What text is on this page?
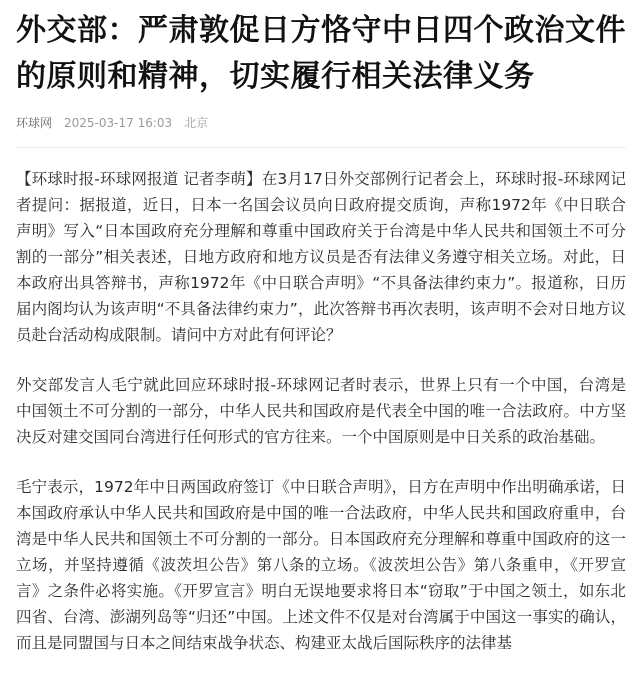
外交部：严肃敦促日方恪守中日四个政治文件的原则和精神，切实履行相关法律义务
环球网 2025-03-17 16:03 北京

【环球时报-环球网报道 记者李萌】在3月17日外交部例行记者会上，环球时报-环球网记者提问：据报道，近日，日本一名国会议员向日政府提交质询，声称1972年《中日联合声明》写入“日本国政府充分理解和尊重中国政府关于台湾是中华人民共和国领土不可分割的一部分”相关表述，日地方政府和地方议员是否有法律义务遵守相关立场。对此，日本政府出具答辩书，声称1972年《中日联合声明》“不具备法律约束力”。报道称，日历届内阁均认为该声明“不具备法律约束力”，此次答辩书再次表明，该声明不会对日地方议员赴台活动构成限制。请问中方对此有何评论？

外交部发言人毛宁就此回应环球时报-环球网记者时表示，世界上只有一个中国，台湾是中国领土不可分割的一部分，中华人民共和国政府是代表全中国的唯一合法政府。中方坚决反对建交国同台湾进行任何形式的官方往来。一个中国原则是中日关系的政治基础。

毛宁表示，1972年中日两国政府签订《中日联合声明》，日方在声明中作出明确承诺，日本国政府承认中华人民共和国政府是中国的唯一合法政府，中华人民共和国政府重申，台湾是中华人民共和国领土不可分割的一部分。日本国政府充分理解和尊重中国政府的这一立场，并坚持遵循《波茨坦公告》第八条的立场。《波茨坦公告》第八条重申，《开罗宣言》之条件必将实施。《开罗宣言》明白无误地要求将日本“窃取”于中国之领土，如东北四省、台湾、澎湖列岛等“归还”中国。上述文件不仅是对台湾属于中国这一事实的确认，而且是同盟国与日本之间结束战争状态、构建亚太战后国际秩序的法律基
